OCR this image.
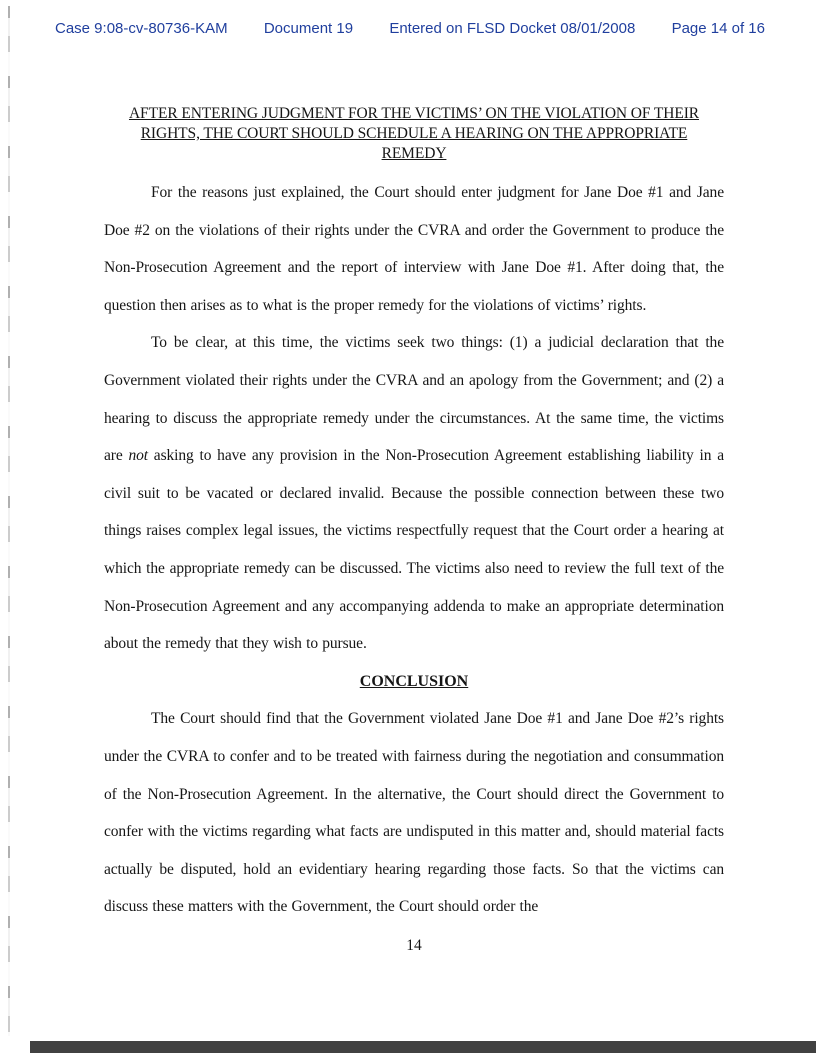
Case 9:08-cv-80736-KAM Document 19 Entered on FLSD Docket 08/01/2008 Page 14 of 16
AFTER ENTERING JUDGMENT FOR THE VICTIMS’ ON THE VIOLATION OF THEIR
RIGHTS, THE COURT SHOULD SCHEDULE A HEARING ON THE APPROPRIATE
REMEDY

For the reasons just explained, the Court should enter judgment for Jane Doe #1 and Jane Doe #2 on the violations of their rights under the CVRA and order the Government to produce the Non-Prosecution Agreement and the report of interview with Jane Doe #1. After doing that, the question then arises as to what is the proper remedy for the violations of victims’ rights.

To be clear, at this time, the victims seek two things: (1) a judicial declaration that the Government violated their rights under the CVRA and an apology from the Government; and (2) a hearing to discuss the appropriate remedy under the circumstances. At the same time, the victims are not asking to have any provision in the Non-Prosecution Agreement establishing liability in a civil suit to be vacated or declared invalid. Because the possible connection between these two things raises complex legal issues, the victims respectfully request that the Court order a hearing at which the appropriate remedy can be discussed. The victims also need to review the full text of the Non-Prosecution Agreement and any accompanying addenda to make an appropriate determination about the remedy that they wish to pursue.

CONCLUSION

The Court should find that the Government violated Jane Doe #1 and Jane Doe #2’s rights under the CVRA to confer and to be treated with fairness during the negotiation and consummation of the Non-Prosecution Agreement. In the alternative, the Court should direct the Government to confer with the victims regarding what facts are undisputed in this matter and, should material facts actually be disputed, hold an evidentiary hearing regarding those facts. So that the victims can discuss these matters with the Government, the Court should order the

14
